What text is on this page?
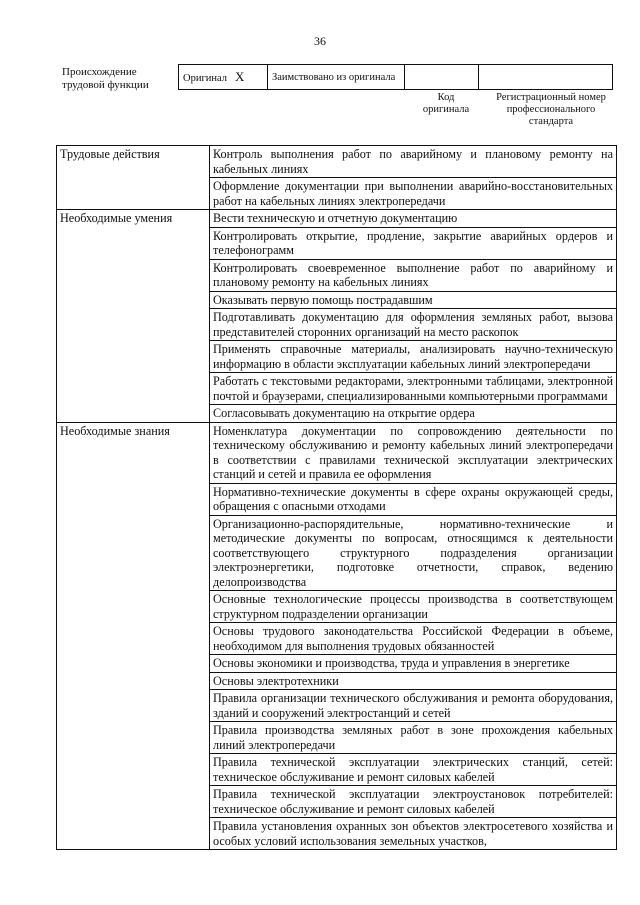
36
Происхождение
трудовой функции
Оригинал X	Заимствовано из оригинала		
Код
оригинала
Регистрационный номер
профессионального
стандарта
Трудовые действия	Контроль выполнения работ по аварийному и плановому ремонту на кабельных линиях
	Оформление документации при выполнении аварийно-восстановительных работ на кабельных линиях электропередачи
Необходимые умения	Вести техническую и отчетную документацию
	Контролировать открытие, продление, закрытие аварийных ордеров и телефонограмм
	Контролировать своевременное выполнение работ по аварийному и плановому ремонту на кабельных линиях
	Оказывать первую помощь пострадавшим
	Подготавливать документацию для оформления земляных работ, вызова представителей сторонних организаций на место раскопок
	Применять справочные материалы, анализировать научно-техническую информацию в области эксплуатации кабельных линий электропередачи
	Работать с текстовыми редакторами, электронными таблицами, электронной почтой и браузерами, специализированными компьютерными программами
	Согласовывать документацию на открытие ордера
Необходимые знания	Номенклатура документации по сопровождению деятельности по техническому обслуживанию и ремонту кабельных линий электропередачи в соответствии с правилами технической эксплуатации электрических станций и сетей и правила ее оформления
	Нормативно-технические документы в сфере охраны окружающей среды, обращения с опасными отходами
	Организационно-распорядительные, нормативно-технические и методические документы по вопросам, относящимся к деятельности соответствующего структурного подразделения организации электроэнергетики, подготовке отчетности, справок, ведению делопроизводства
	Основные технологические процессы производства в соответствующем структурном подразделении организации
	Основы трудового законодательства Российской Федерации в объеме, необходимом для выполнения трудовых обязанностей
	Основы экономики и производства, труда и управления в энергетике
	Основы электротехники
	Правила организации технического обслуживания и ремонта оборудования, зданий и сооружений электростанций и сетей
	Правила производства земляных работ в зоне прохождения кабельных линий электропередачи
	Правила технической эксплуатации электрических станций, сетей: техническое обслуживание и ремонт силовых кабелей
	Правила технической эксплуатации электроустановок потребителей: техническое обслуживание и ремонт силовых кабелей
	Правила установления охранных зон объектов электросетевого хозяйства и особых условий использования земельных участков,
